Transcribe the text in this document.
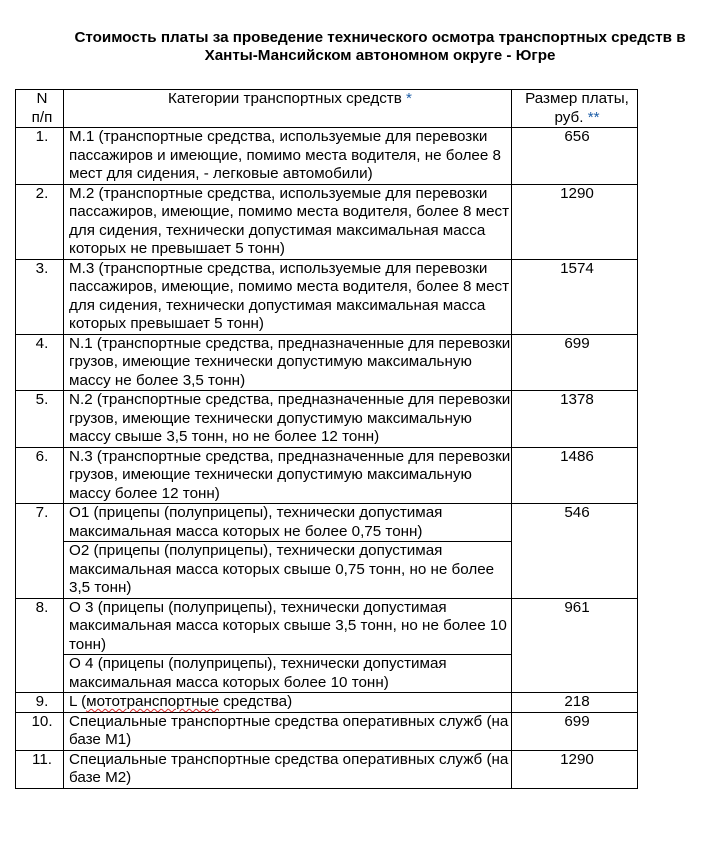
Стоимость платы за проведение технического осмотра транспортных средств в
Ханты-Мансийском автономном округе - Югре
N
п/п	Категории транспортных средств *	Размер платы,
руб. **
1.	М.1 (транспортные средства, используемые для перевозки пассажиров и имеющие, помимо места водителя, не более 8 мест для сидения, - легковые автомобили)	656
2.	М.2 (транспортные средства, используемые для перевозки пассажиров, имеющие, помимо места водителя, более 8 мест для сидения, технически допустимая максимальная масса которых не превышает 5 тонн)	1290
3.	М.3 (транспортные средства, используемые для перевозки пассажиров, имеющие, помимо места водителя, более 8 мест для сидения, технически допустимая максимальная масса которых превышает 5 тонн)	1574
4.	N.1 (транспортные средства, предназначенные для перевозки грузов, имеющие технически допустимую максимальную массу не более 3,5 тонн)	699
5.	N.2 (транспортные средства, предназначенные для перевозки грузов, имеющие технически допустимую максимальную массу свыше 3,5 тонн, но не более 12 тонн)	1378
6.	N.3 (транспортные средства, предназначенные для перевозки грузов, имеющие технически допустимую максимальную массу более 12 тонн)	1486
7.	О1 (прицепы (полуприцепы), технически допустимая максимальная масса которых не более 0,75 тонн)	546
	О2 (прицепы (полуприцепы), технически допустимая максимальная масса которых свыше 0,75 тонн, но не более 3,5 тонн)	
8.	О 3 (прицепы (полуприцепы), технически допустимая максимальная масса которых свыше 3,5 тонн, но не более 10 тонн)	961
	О 4 (прицепы (полуприцепы), технически допустимая максимальная масса которых более 10 тонн)	
9.	L (мототранспортные средства)	218
10.	Специальные транспортные средства оперативных служб (на базе М1)	699
11.	Специальные транспортные средства оперативных служб (на базе М2)	1290
